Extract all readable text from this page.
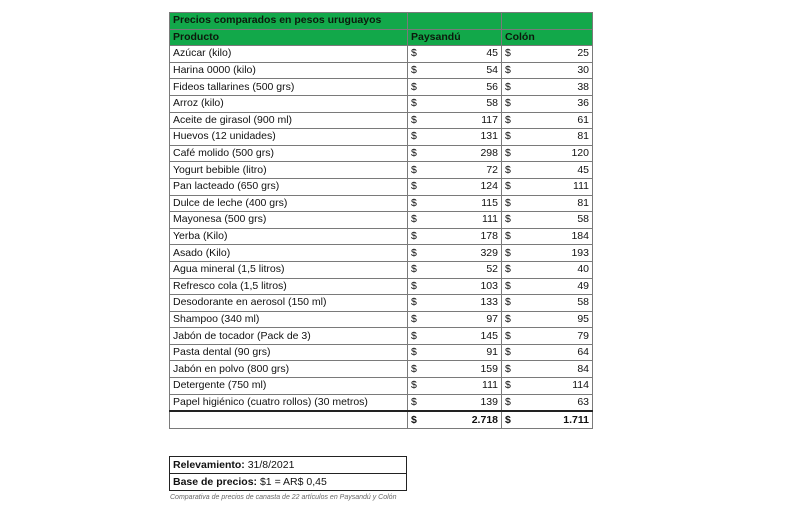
Precios comparados en pesos uruguayos				
Producto	Paysandú		Colón	
Azúcar (kilo)	$	45	$	25
Harina 0000 (kilo)	$	54	$	30
Fideos tallarines (500 grs)	$	56	$	38
Arroz (kilo)	$	58	$	36
Aceite de girasol (900 ml)	$	117	$	61
Huevos (12 unidades)	$	131	$	81
Café molido (500 grs)	$	298	$	120
Yogurt bebible (litro)	$	72	$	45
Pan lacteado (650 grs)	$	124	$	111
Dulce de leche (400 grs)	$	115	$	81
Mayonesa (500 grs)	$	111	$	58
Yerba (Kilo)	$	178	$	184
Asado (Kilo)	$	329	$	193
Agua mineral (1,5 litros)	$	52	$	40
Refresco cola (1,5 litros)	$	103	$	49
Desodorante en aerosol (150 ml)	$	133	$	58
Shampoo (340 ml)	$	97	$	95
Jabón de tocador (Pack de 3)	$	145	$	79
Pasta dental (90 grs)	$	91	$	64
Jabón en polvo (800 grs)	$	159	$	84
Detergente (750 ml)	$	111	$	114
Papel higiénico (cuatro rollos) (30 metros)	$	139	$	63
	$	2.718	$	1.711
Relevamiento: 31/8/2021
Base de precios: $1 = AR$ 0,45
Comparativa de precios de canasta de 22 artículos en Paysandú y Colón
